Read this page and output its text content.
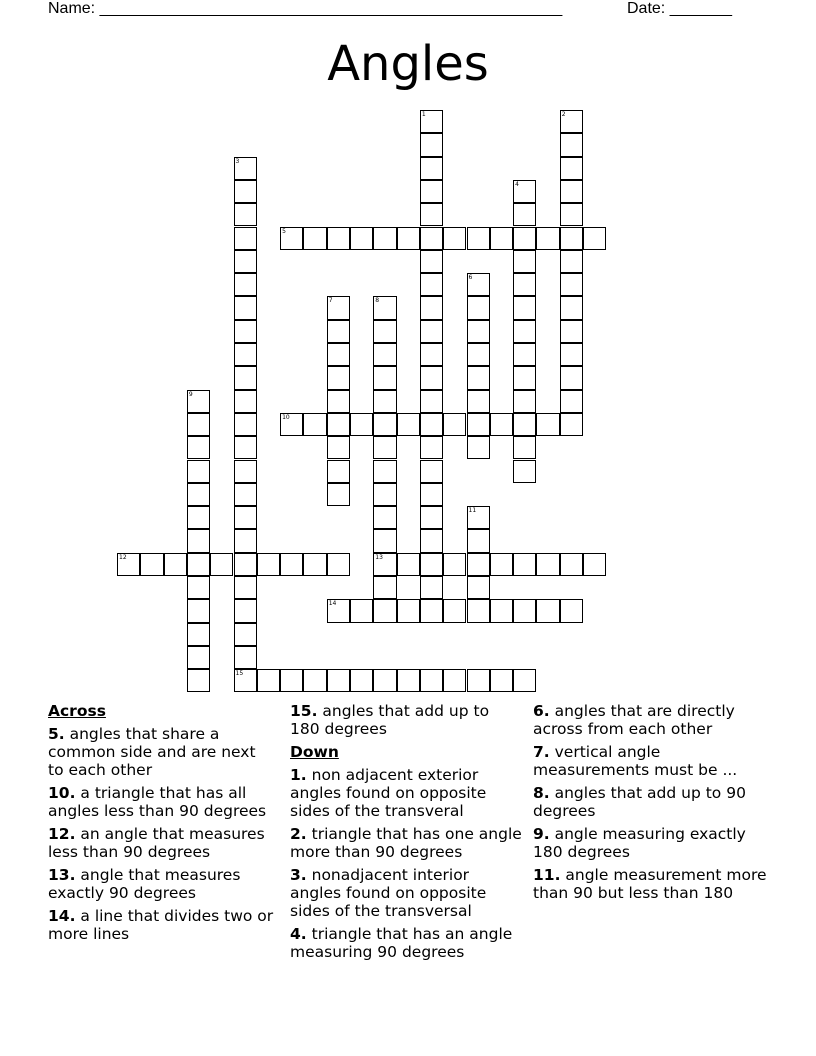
Name: ____________________________________________________	Date: _______
Angles
1	2
3
15
4
5
6
7	8
13
9
10
11
12
14
Across
5. angles that share a common side and are next to each other
10. a triangle that has all angles less than 90 degrees
12. an angle that measures less than 90 degrees
13. angle that measures exactly 90 degrees
14. a line that divides two or more lines
15. angles that add up to 180 degrees
Down
1. non adjacent exterior angles found on opposite sides of the transveral
2. triangle that has one angle more than 90 degrees
3. nonadjacent interior angles found on opposite sides of the transversal
4. triangle that has an angle measuring 90 degrees
6. angles that are directly across from each other
7. vertical angle measurements must be ...
8. angles that add up to 90 degrees
9. angle measuring exactly 180 degrees
11. angle measurement more than 90 but less than 180
